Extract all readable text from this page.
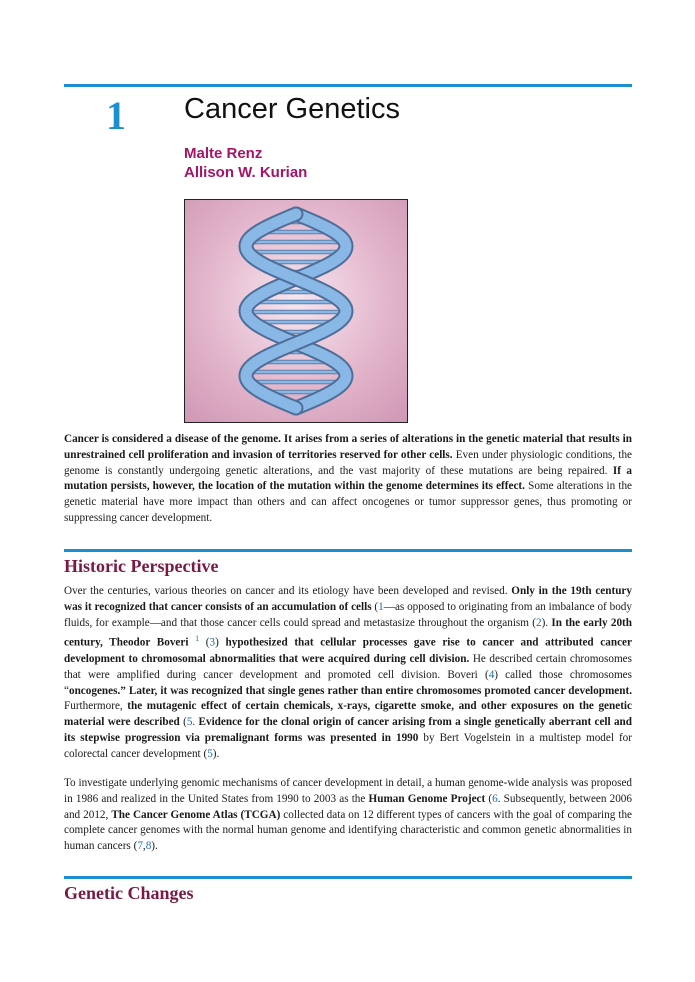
1 Cancer Genetics
Malte Renz
Allison W. Kurian
Cancer is considered a disease of the genome. It arises from a series of alterations in the genetic material that results in unrestrained cell proliferation and invasion of territories reserved for other cells. Even under physiologic conditions, the genome is constantly undergoing genetic alterations, and the vast majority of these mutations are being repaired. If a mutation persists, however, the location of the mutation within the genome determines its effect. Some alterations in the genetic material have more impact than others and can affect oncogenes or tumor suppressor genes, thus promoting or suppressing cancer development.
Historic Perspective
Over the centuries, various theories on cancer and its etiology have been developed and revised. Only in the 19th century was it recognized that cancer consists of an accumulation of cells (1—as opposed to originating from an imbalance of body fluids, for example—and that those cancer cells could spread and metastasize throughout the organism (2). In the early 20th century, Theodor Boveri $^1$ (3) hypothesized that cellular processes gave rise to cancer and attributed cancer development to chromosomal abnormalities that were acquired during cell division. He described certain chromosomes that were amplified during cancer development and promoted cell division. Boveri (4) called those chromosomes “oncogenes.” Later, it was recognized that single genes rather than entire chromosomes promoted cancer development. Furthermore, the mutagenic effect of certain chemicals, x-rays, cigarette smoke, and other exposures on the genetic material were described (5. Evidence for the clonal origin of cancer arising from a single genetically aberrant cell and its stepwise progression via premalignant forms was presented in 1990 by Bert Vogelstein in a multistep model for colorectal cancer development (5).
To investigate underlying genomic mechanisms of cancer development in detail, a human genome-wide analysis was proposed in 1986 and realized in the United States from 1990 to 2003 as the Human Genome Project (6. Subsequently, between 2006 and 2012, The Cancer Genome Atlas (TCGA) collected data on 12 different types of cancers with the goal of comparing the complete cancer genomes with the normal human genome and identifying characteristic and common genetic abnormalities in human cancers (7,8).
Genetic Changes
